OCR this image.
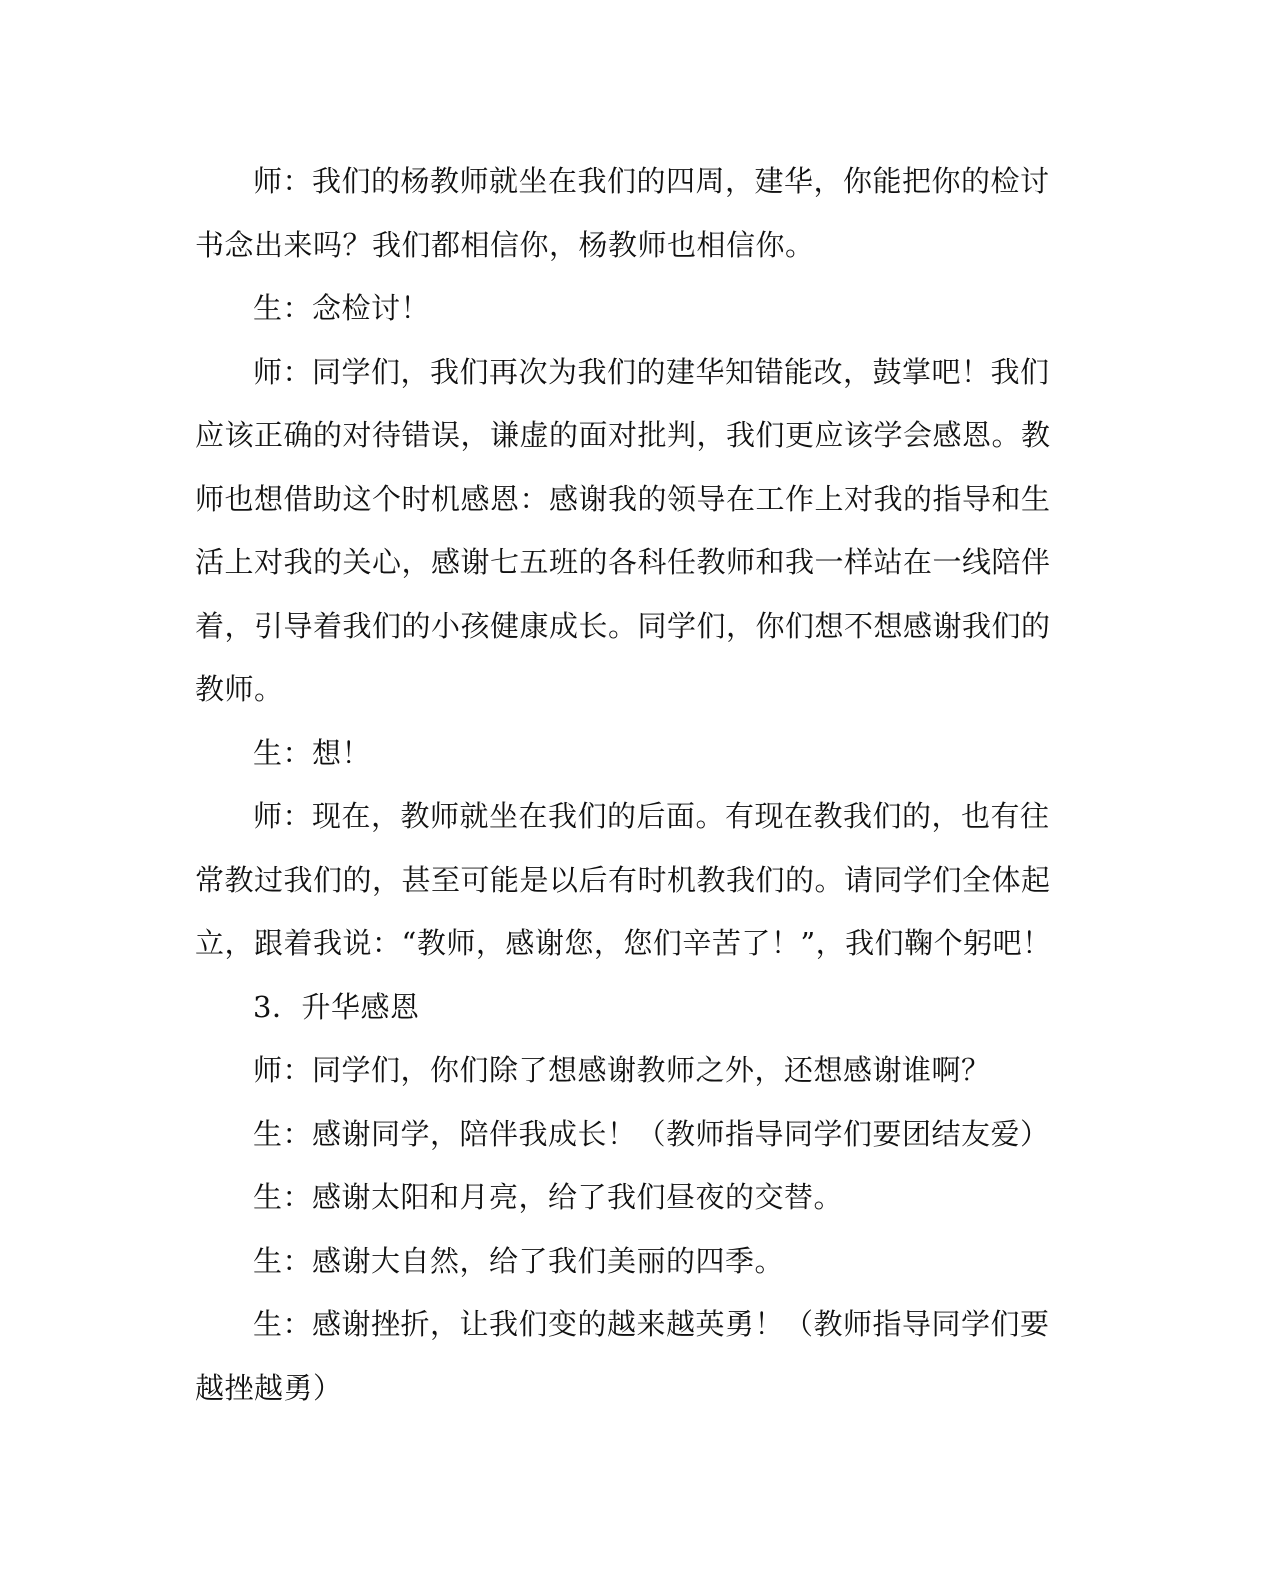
师：我们的杨教师就坐在我们的四周，建华，你能把你的检讨书念出来吗？我们都相信你，杨教师也相信你。

生：念检讨！

师：同学们，我们再次为我们的建华知错能改，鼓掌吧！我们应该正确的对待错误，谦虚的面对批判，我们更应该学会感恩。教师也想借助这个时机感恩：感谢我的领导在工作上对我的指导和生活上对我的关心，感谢七五班的各科任教师和我一样站在一线陪伴着，引导着我们的小孩健康成长。同学们，你们想不想感谢我们的教师。

生：想！

师：现在，教师就坐在我们的后面。有现在教我们的，也有往常教过我们的，甚至可能是以后有时机教我们的。请同学们全体起立，跟着我说：“教师，感谢您，您们辛苦了！”，我们鞠个躬吧！

3．升华感恩

师：同学们，你们除了想感谢教师之外，还想感谢谁啊？

生：感谢同学，陪伴我成长！（教师指导同学们要团结友爱）

生：感谢太阳和月亮，给了我们昼夜的交替。

生：感谢大自然，给了我们美丽的四季。

生：感谢挫折，让我们变的越来越英勇！（教师指导同学们要越挫越勇）
